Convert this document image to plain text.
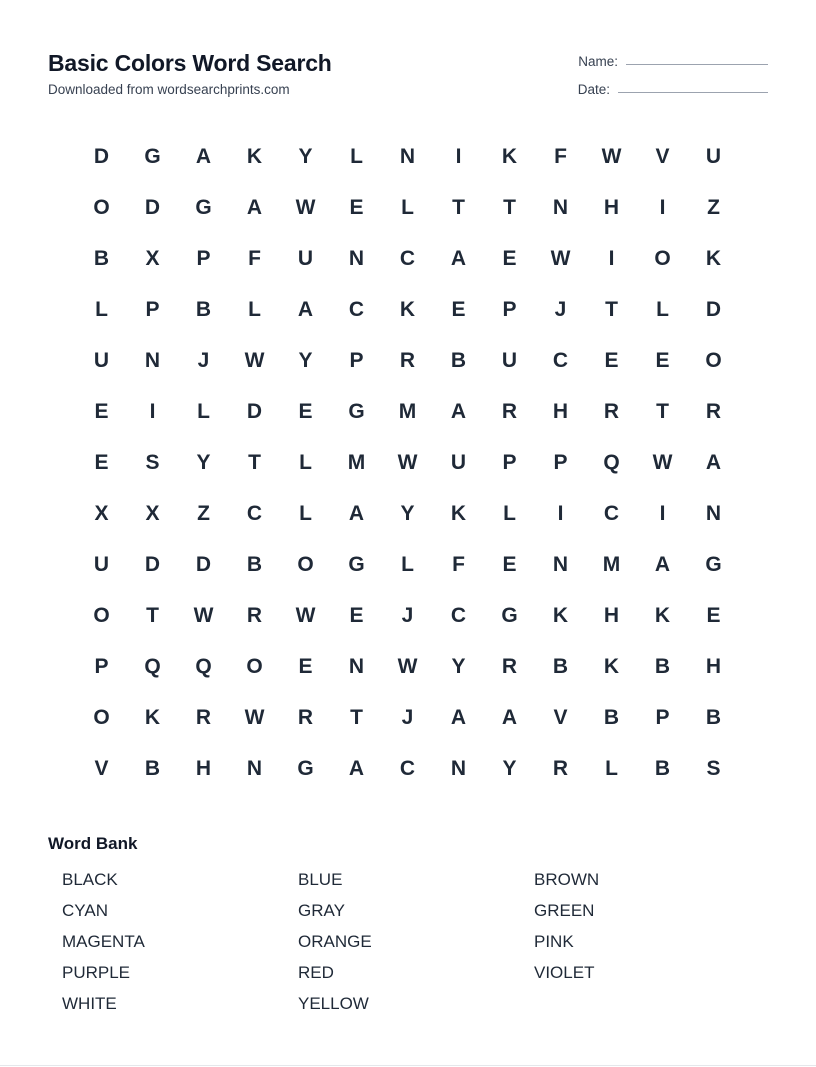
Basic Colors Word Search
Downloaded from wordsearchprints.com
Name:
Date:
D	G	A	K	Y	L	N	I	K	F	W	V	U
O	D	G	A	W	E	L	T	T	N	H	I	Z
B	X	P	F	U	N	C	A	E	W	I	O	K
L	P	B	L	A	C	K	E	P	J	T	L	D
U	N	J	W	Y	P	R	B	U	C	E	E	O
E	I	L	D	E	G	M	A	R	H	R	T	R
E	S	Y	T	L	M	W	U	P	P	Q	W	A
X	X	Z	C	L	A	Y	K	L	I	C	I	N
U	D	D	B	O	G	L	F	E	N	M	A	G
O	T	W	R	W	E	J	C	G	K	H	K	E
P	Q	Q	O	E	N	W	Y	R	B	K	B	H
O	K	R	W	R	T	J	A	A	V	B	P	B
V	B	H	N	G	A	C	N	Y	R	L	B	S
Word Bank
BLACK	BLUE	BROWN
CYAN	GRAY	GREEN
MAGENTA	ORANGE	PINK
PURPLE	RED	VIOLET
WHITE	YELLOW
